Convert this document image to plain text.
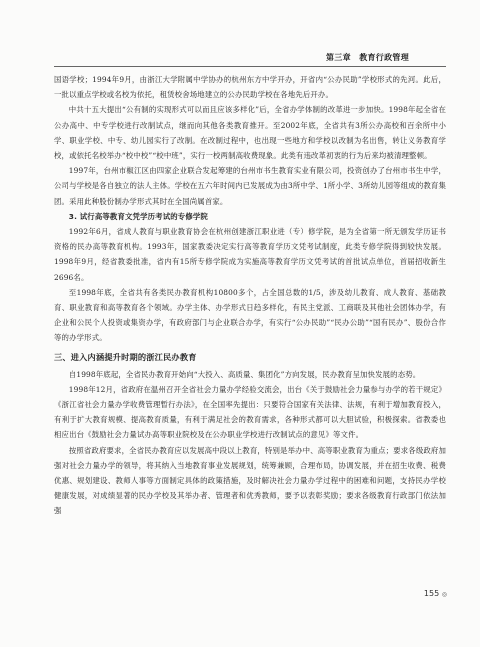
第三章　教育行政管理

国语学校；1994年9月，由浙江大学附属中学协办的杭州东方中学开办，开省内“公办民助”学校形式的先河。此后，一批以重点学校或名校为依托，租赁校舍场地建立的公办民助学校在各地先后开办。

中共十五大提出“公有制的实现形式可以而且应该多样化”后，全省办学体制的改革进一步加快。1998年起全省在公办高中、中专学校进行改制试点，继而向其他各类教育推开。至2002年底，全省共有3所公办高校和百余所中小学、职业学校、中专、幼儿园实行了改制。在改制过程中，也出现一些地方和学校以改制为名出售，转让义务教育学校，或依托名校举办“校中校”“校中班”，实行一校两制高收费现象。此类有违改革初衷的行为后来均被清理整顿。

1997年，台州市椒江区由四家企业联合发起筹建的台州市书生教育实业有限公司，投资创办了台州市书生中学，公司与学校是各自独立的法人主体。学校在五六年时间内已发展成为由3所中学、1所小学、3所幼儿园等组成的教育集团。采用此种股份制办学形式其时在全国尚属首家。

3. 试行高等教育文凭学历考试的专修学院

1992年6月，省成人教育与职业教育协会在杭州创建浙江职业进（专）修学院，是为全省第一所无颁发学历证书资格的民办高等教育机构。1993年，国家教委决定实行高等教育学历文凭考试制度，此类专修学院得到较快发展。1998年9月，经省教委批准，省内有15所专修学院成为实施高等教育学历文凭考试的首批试点单位，首届招收新生2696名。

至1998年底，全省共有各类民办教育机构10800多个，占全国总数的1/5，涉及幼儿教育、成人教育、基础教育、职业教育和高等教育各个领域。办学主体、办学形式日趋多样化，有民主党派、工商联及其他社会团体办学，有企业和公民个人投资或集资办学，有政府部门与企业联合办学，有实行“公办民助”“民办公助”“国有民办”、股份合作等的办学形式。

三、进入内涵提升时期的浙江民办教育

自1998年底起，全省民办教育开始向“大投入、高质量、集团化”方向发展，民办教育呈加快发展的态势。

1998年12月，省政府在温州召开全省社会力量办学经验交流会，出台《关于鼓励社会力量参与办学的若干规定》《浙江省社会力量办学收费管理暂行办法》，在全国率先提出：只要符合国家有关法律、法规，有利于增加教育投入，有利于扩大教育规模、提高教育质量，有利于满足社会的教育需求，各种形式都可以大胆试验，积极探索。省教委也相应出台《鼓励社会力量试办高等职业院校及在公办职业学校进行改制试点的意见》等文件。

按照省政府要求，全省民办教育应以发展高中段以上教育，特别是举办中、高等职业教育为重点；要求各级政府加强对社会力量办学的领导，将其纳入当地教育事业发展规划，统筹兼顾，合理布局，协调发展，并在招生收费、税费优惠、规划建设、教师人事等方面制定具体的政策措施，及时解决社会力量办学过程中的困难和问题，支持民办学校健康发展，对成绩显著的民办学校及其举办者、管理者和优秀教师，要予以表彰奖励；要求各级教育行政部门依法加强

155 ◎
